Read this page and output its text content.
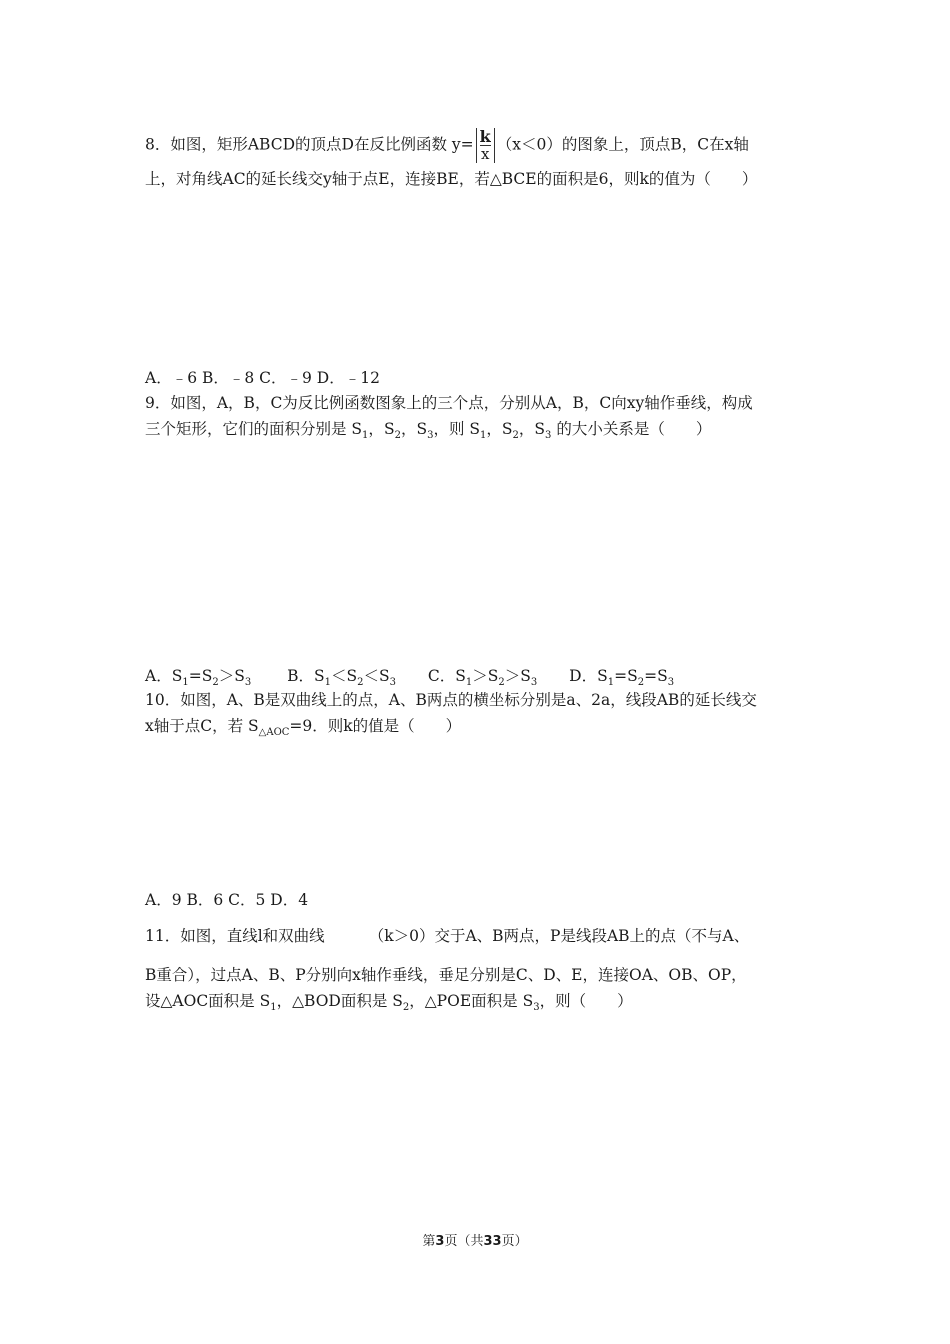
8．如图，矩形ABCD的顶点D在反比例函数 $y= \frac{k}{x} (x<0)$的图象上，顶点B，C在x轴
上，对角线AC的延长线交y轴于点E，连接BE，若△BCE的面积是6，则k的值为（　　）
A．﹣6 B．﹣8 C．﹣9 D．﹣12
9．如图，A，B，C为反比例函数图象上的三个点，分别从A，B，C向xy轴作垂线，构成
三个矩形，它们的面积分别是 $S_1$，$S_2$，$S_3$，则 $S_1$，$S_2$，$S_3$ 的大小关系是（　　）
A．$S_1=S_2>S_3$ B．$S_1<S_2<S_3$ C．$S_1>S_2>S_3$ D．$S_1=S_2=S_3$
10．如图，A、B是双曲线上的点，A、B两点的横坐标分别是a、2a，线段AB的延长线交
x轴于点C，若 $S_{\triangle AOC}=9$．则k的值是（　　）
A．9 B．6 C．5 D．4
11．如图，直线l和双曲线	（k＞0）交于A、B两点，P是线段AB上的点（不与A、
B重合），过点A、B、P分别向x轴作垂线，垂足分别是C、D、E，连接OA、OB、OP，
设△AOC面积是 $S_1$，△BOD面积是 $S_2$，△POE面积是 $S_3$，则（　　）
第3页（共33页）
